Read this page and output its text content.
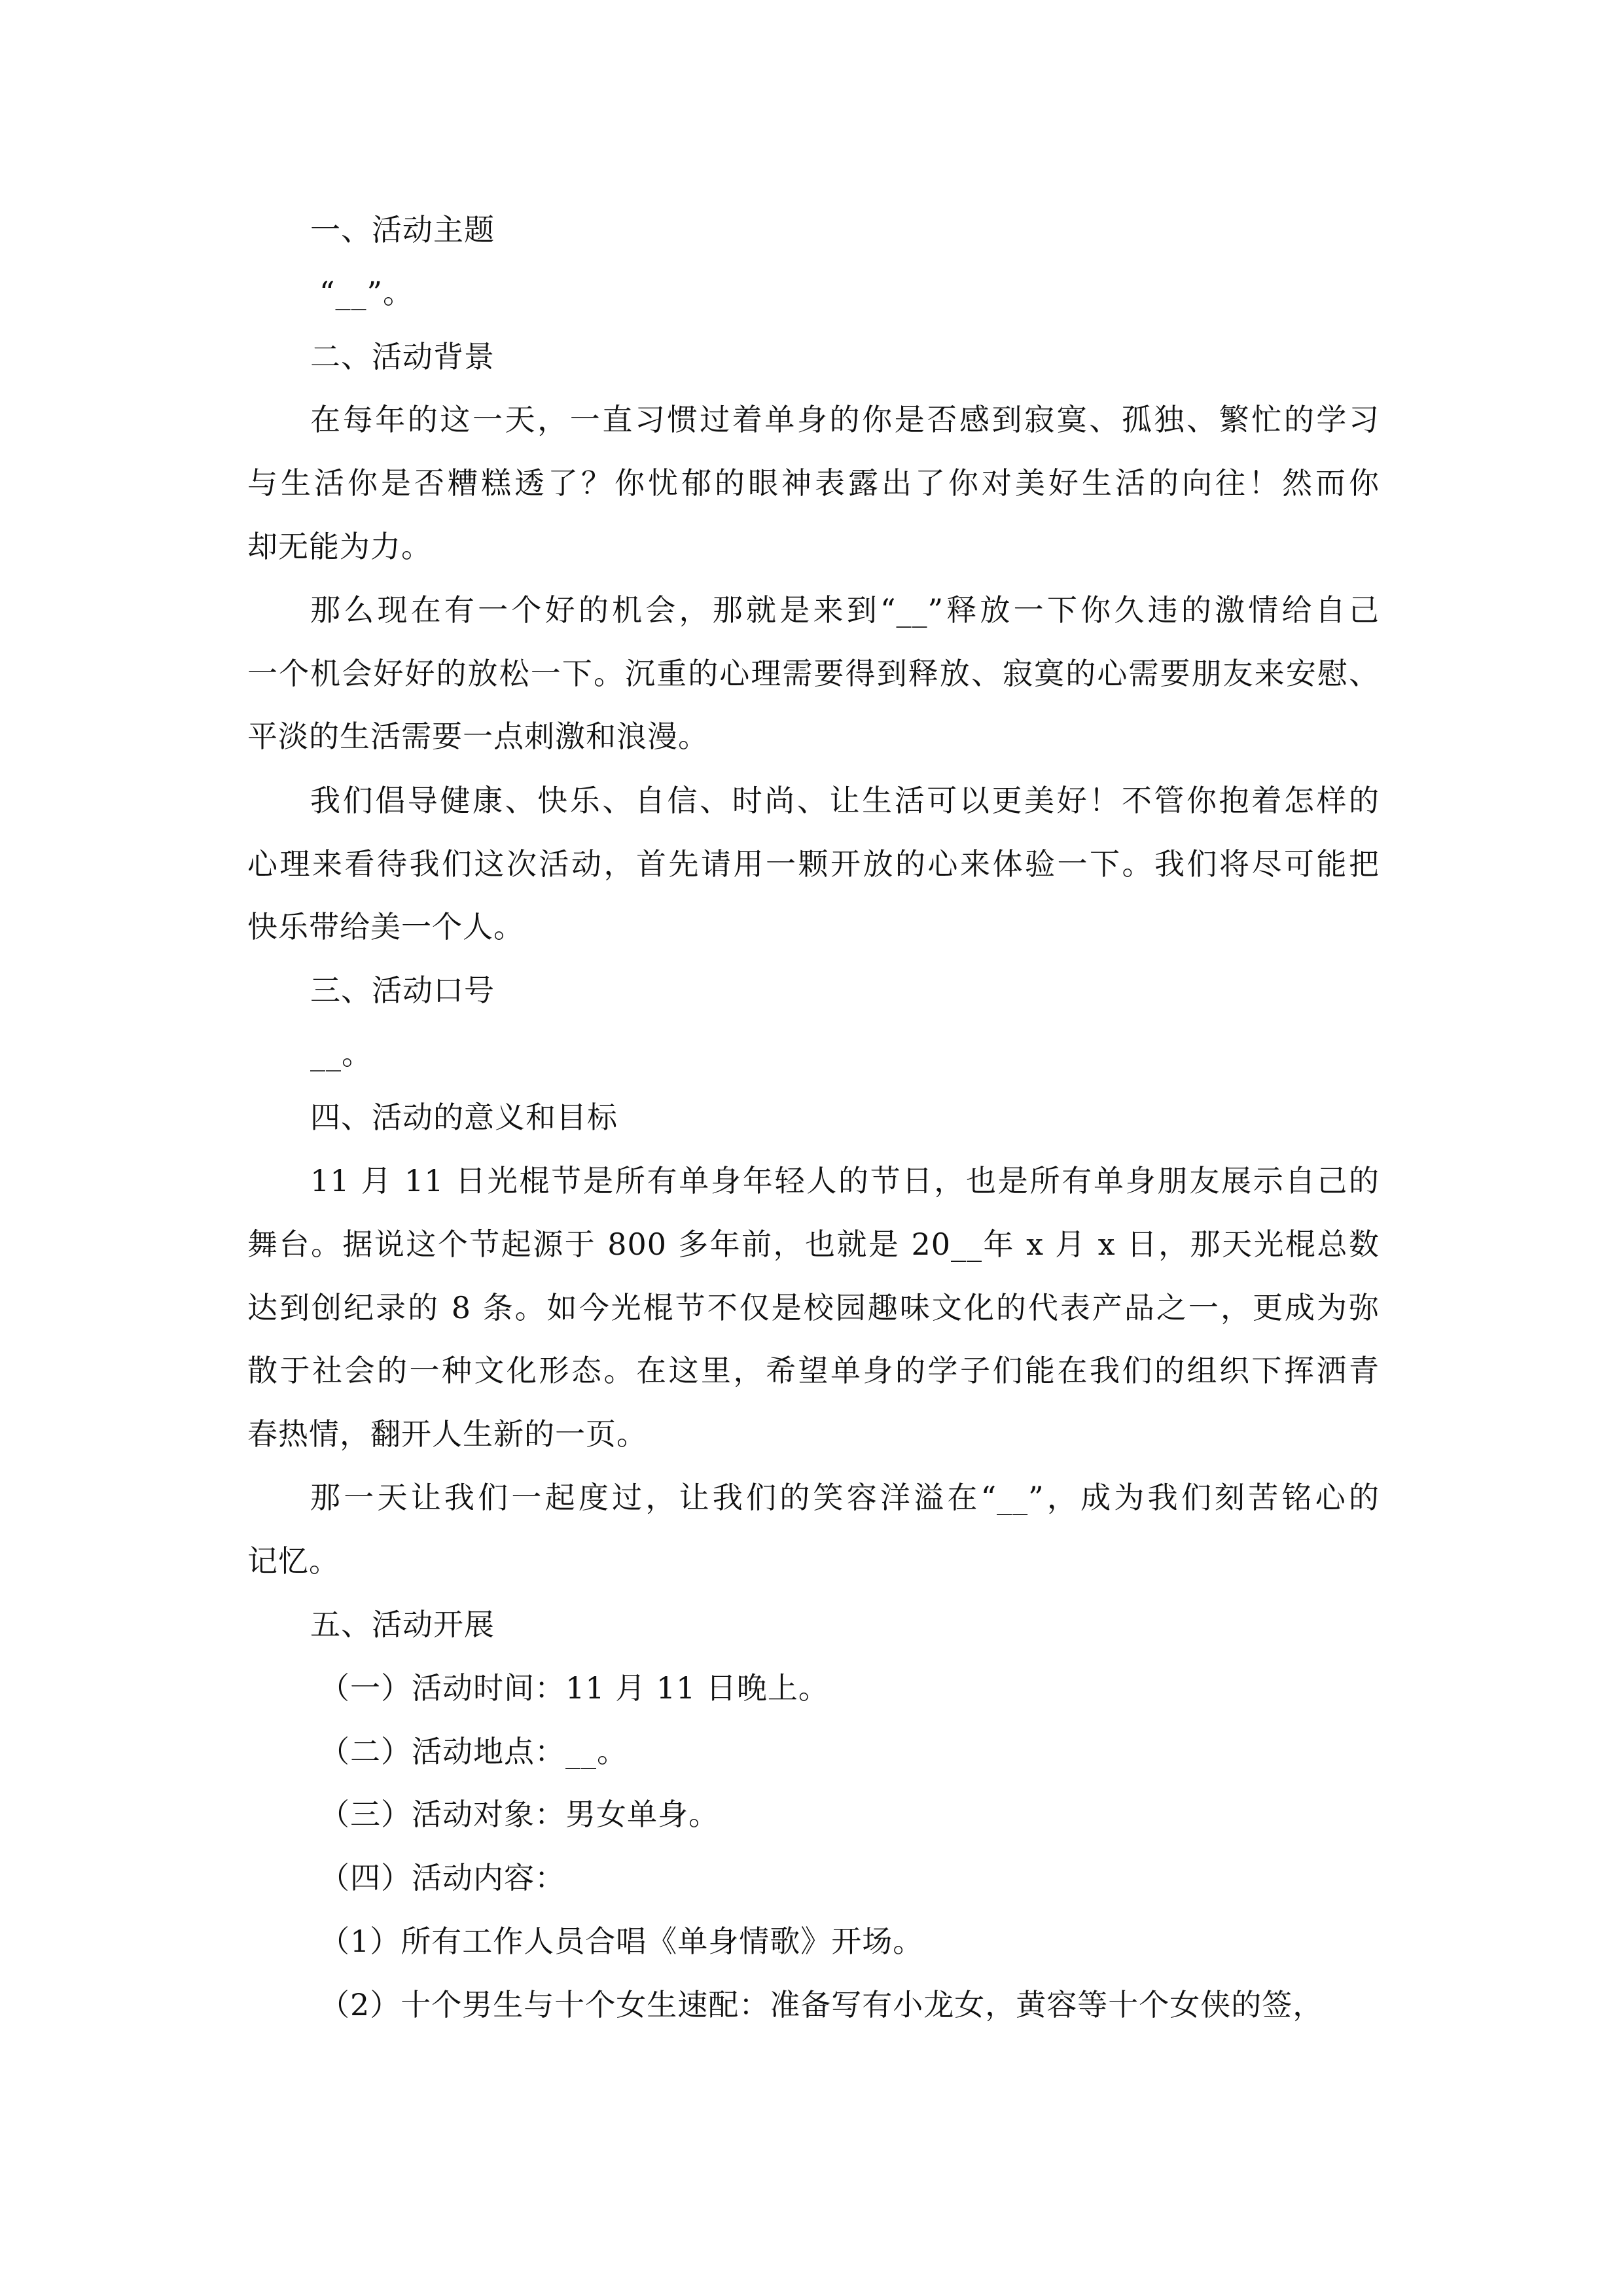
一、活动主题
“__”。
二、活动背景
在每年的这一天，一直习惯过着单身的你是否感到寂寞、孤独、繁忙的学习
与生活你是否糟糕透了？你忧郁的眼神表露出了你对美好生活的向往！然而你
却无能为力。
那么现在有一个好的机会，那就是来到“__”释放一下你久违的激情给自己
一个机会好好的放松一下。沉重的心理需要得到释放、寂寞的心需要朋友来安慰、
平淡的生活需要一点刺激和浪漫。
我们倡导健康、快乐、自信、时尚、让生活可以更美好！不管你抱着怎样的
心理来看待我们这次活动，首先请用一颗开放的心来体验一下。我们将尽可能把
快乐带给美一个人。
三、活动口号
__。
四、活动的意义和目标
11 月 11 日光棍节是所有单身年轻人的节日，也是所有单身朋友展示自己的
舞台。据说这个节起源于 800 多年前，也就是 20__年 x 月 x 日，那天光棍总数
达到创纪录的 8 条。如今光棍节不仅是校园趣味文化的代表产品之一，更成为弥
散于社会的一种文化形态。在这里，希望单身的学子们能在我们的组织下挥洒青
春热情，翻开人生新的一页。
那一天让我们一起度过，让我们的笑容洋溢在“__”，成为我们刻苦铭心的
记忆。
五、活动开展
（一）活动时间：11 月 11 日晚上。
（二）活动地点：__。
（三）活动对象：男女单身。
（四）活动内容：
（1）所有工作人员合唱《单身情歌》开场。
（2）十个男生与十个女生速配：准备写有小龙女，黄容等十个女侠的签，
